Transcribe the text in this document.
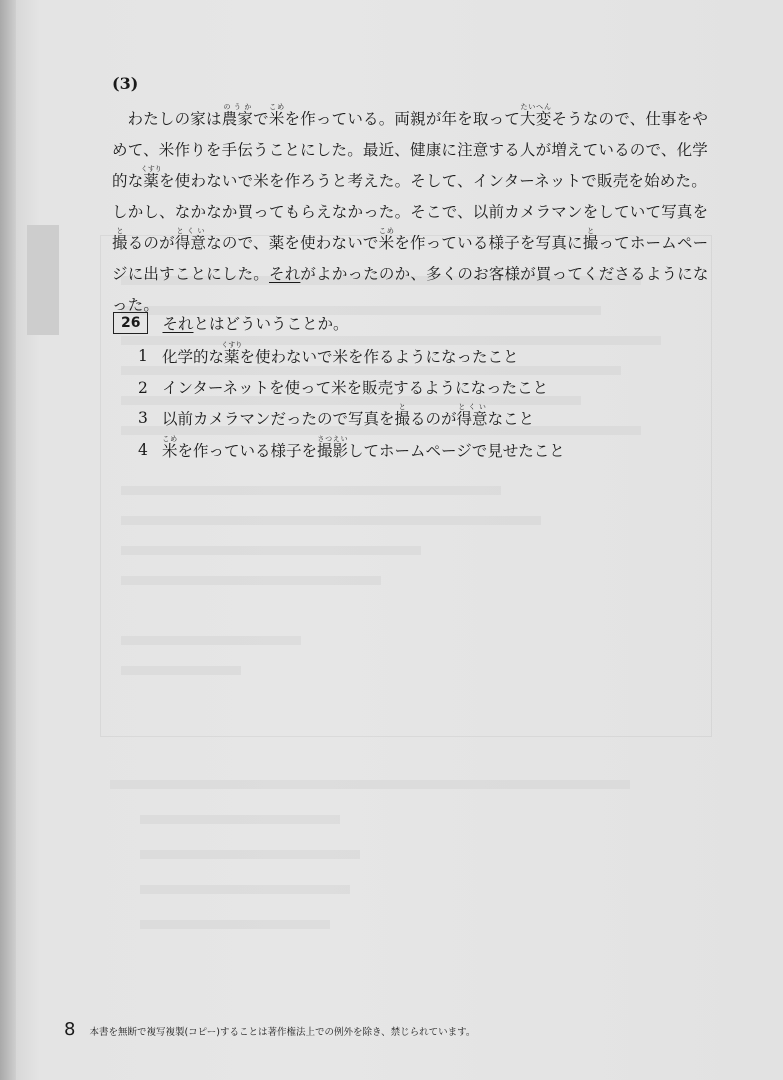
(3)

わたしの家は農家のうかで米こめを作っている。両親が年を取って大変たいへんそうなので、仕事をやめて、米作りを手伝うことにした。最近、健康に注意する人が増えているので、化学的な薬くすりを使わないで米を作ろうと考えた。そして、インターネットで販売を始めた。しかし、なかなか買ってもらえなかった。そこで、以前カメラマンをしていて写真を撮とるのが得意とくいなので、薬を使わないで米こめを作っている様子を写真に撮とってホームページに出すことにした。それがよかったのか、多くのお客様が買ってくださるようになった。

26	それ とはどういうことか。
1 化学的な薬くすりを使わないで米を作るようになったこと
2 インターネットを使って米を販売するようになったこと
3 以前カメラマンだったので写真を撮とるのが得意とくいなこと
4 米こめを作っている様子を撮影さつえいしてホームページで見せたこと
8 本書を無断で複写複製(コピー)することは著作権法上での例外を除き、禁じられています。
